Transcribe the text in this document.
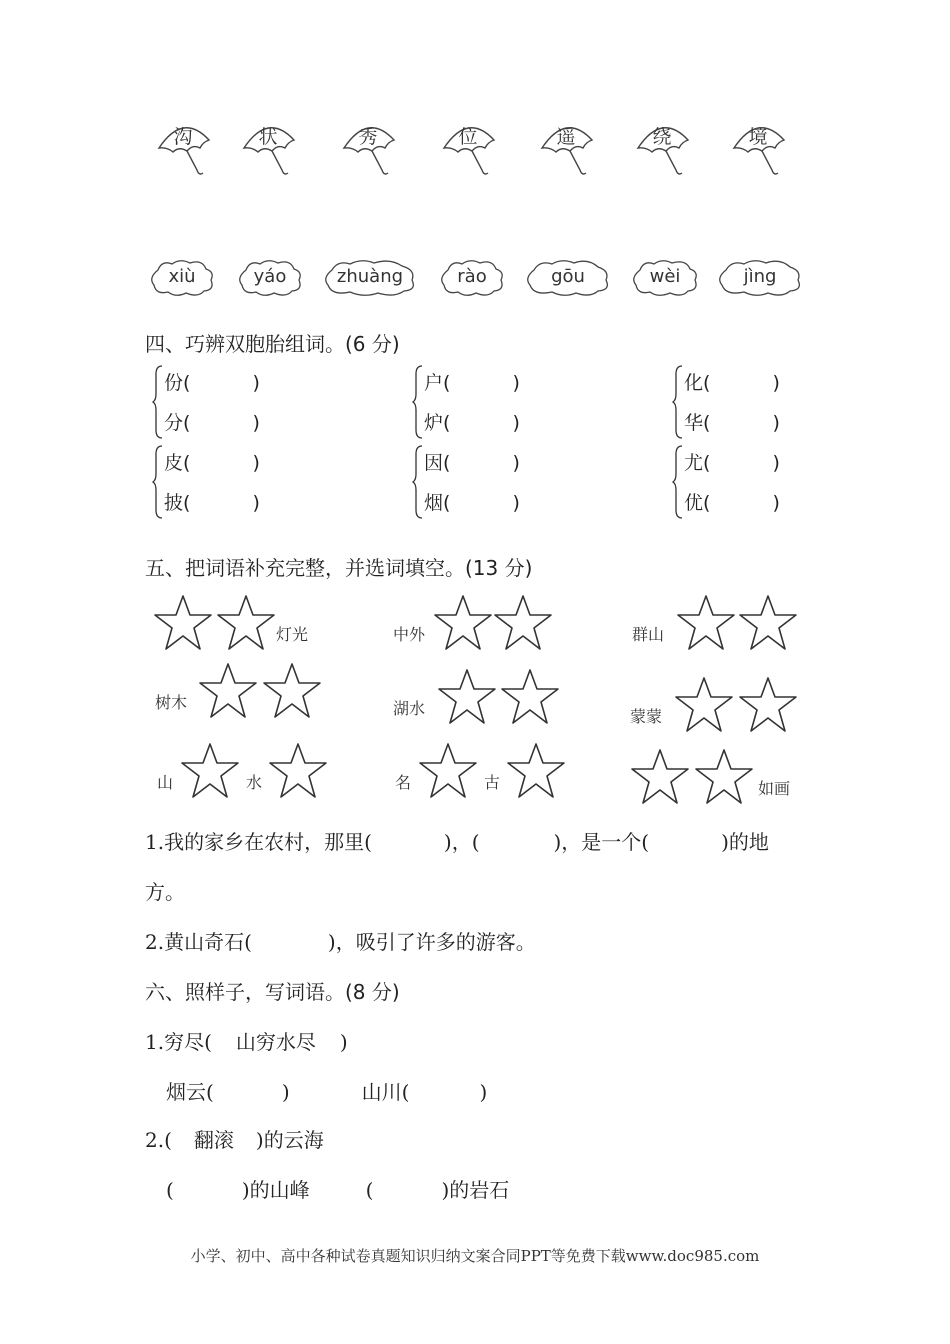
沟	状	秀	位	遥	绕	境
xiù	yáo	zhuàng	rào	gōu	wèi	jìng
四、巧辨双胞胎组词。(6 分)
份(	)
分(	)
户(	)
炉(	)
化(	)
华(	)
皮(	)
披(	)
因(	)
烟(	)
尤(	)
优(	)
五、把词语补充完整，并选词填空。(13 分)
灯光	中外	群山
树木	湖水	蒙蒙
山	水	名	古	如画
1.我的家乡在农村，那里(	)，(	)，是一个(	)的地
方。
2.黄山奇石(	)，吸引了许多的游客。
六、照样子，写词语。(8 分)
1.穷尽( 山穷水尽 )
烟云(	)	山川(	)
2.( 翻滚 )的云海
(	)的山峰	(	)的岩石
小学、初中、高中各种试卷真题知识归纳文案合同PPT等免费下载www.doc985.com
